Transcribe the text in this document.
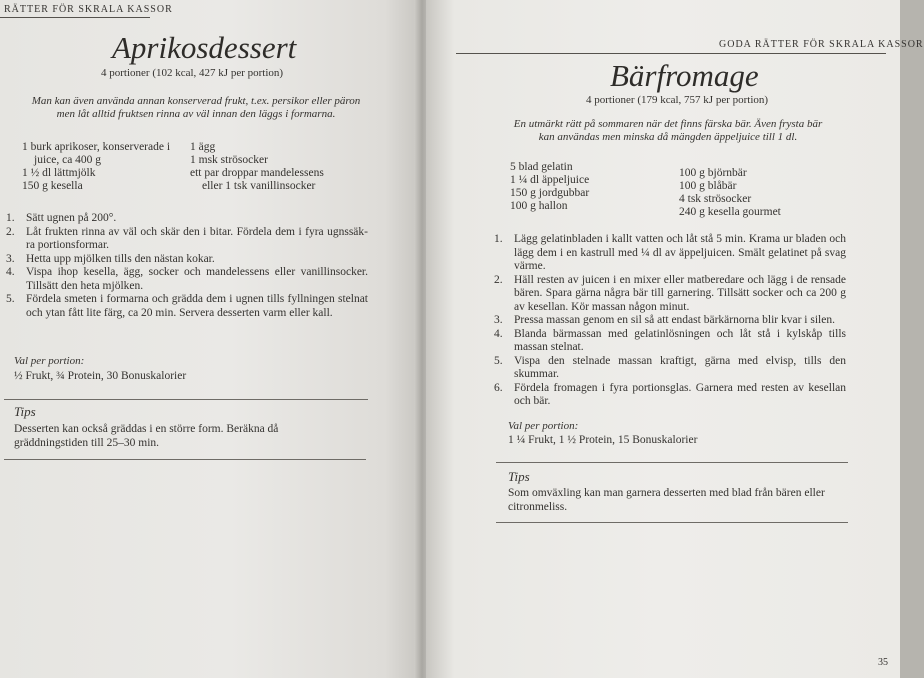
RÄTTER FÖR SKRALA KASSOR
Aprikosdessert
4 portioner (102 kcal, 427 kJ per portion)
Man kan även använda annan konserverad frukt, t.ex. persikor eller päron men låt alltid fruktsen rinna av väl innan den läggs i formarna.
1 burk aprikoser, konserverade i
juice, ca 400 g
1 ½ dl lättmjölk
150 g kesella
1 ägg
1 msk strösocker
ett par droppar mandelessens
eller 1 tsk vanillinsocker
1. Sätt ugnen på 200°.
2. Låt frukten rinna av väl och skär den i bitar. Fördela dem i fyra ugnssäk-ra portionsformar.
3. Hetta upp mjölken tills den nästan kokar.
4. Vispa ihop kesella, ägg, socker och mandelessens eller vanillinsocker. Tillsätt den heta mjölken.
5. Fördela smeten i formarna och grädda dem i ugnen tills fyllningen stelnat och ytan fått lite färg, ca 20 min. Servera desserten varm eller kall.
Val per portion:
½ Frukt, ¾ Protein, 30 Bonuskalorier
Tips
Desserten kan också gräddas i en större form. Beräkna då gräddningstiden till 25–30 min.
GODA RÄTTER FÖR SKRALA KASSOR
Bärfromage
4 portioner (179 kcal, 757 kJ per portion)
En utmärkt rätt på sommaren när det finns färska bär. Även frysta bär kan användas men minska då mängden äppeljuice till 1 dl.
5 blad gelatin
1 ¼ dl äppeljuice
150 g jordgubbar
100 g hallon
100 g björnbär
100 g blåbär
4 tsk strösocker
240 g kesella gourmet
1. Lägg gelatinbladen i kallt vatten och låt stå 5 min. Krama ur bladen och lägg dem i en kastrull med ¼ dl av äppeljuicen. Smält gelatinet på svag värme.
2. Häll resten av juicen i en mixer eller matberedare och lägg i de rensade bären. Spara gärna några bär till garnering. Tillsätt socker och ca 200 g av kesellan. Kör massan någon minut.
3. Pressa massan genom en sil så att endast bärkärnorna blir kvar i silen.
4. Blanda bärmassan med gelatinlösningen och låt stå i kylskåp tills massan stelnat.
5. Vispa den stelnade massan kraftigt, gärna med elvisp, tills den skummar.
6. Fördela fromagen i fyra portionsglas. Garnera med resten av kesellan och bär.
Val per portion:
1 ¼ Frukt, 1 ½ Protein, 15 Bonuskalorier
Tips
Som omväxling kan man garnera desserten med blad från bären eller citronmeliss.
35
